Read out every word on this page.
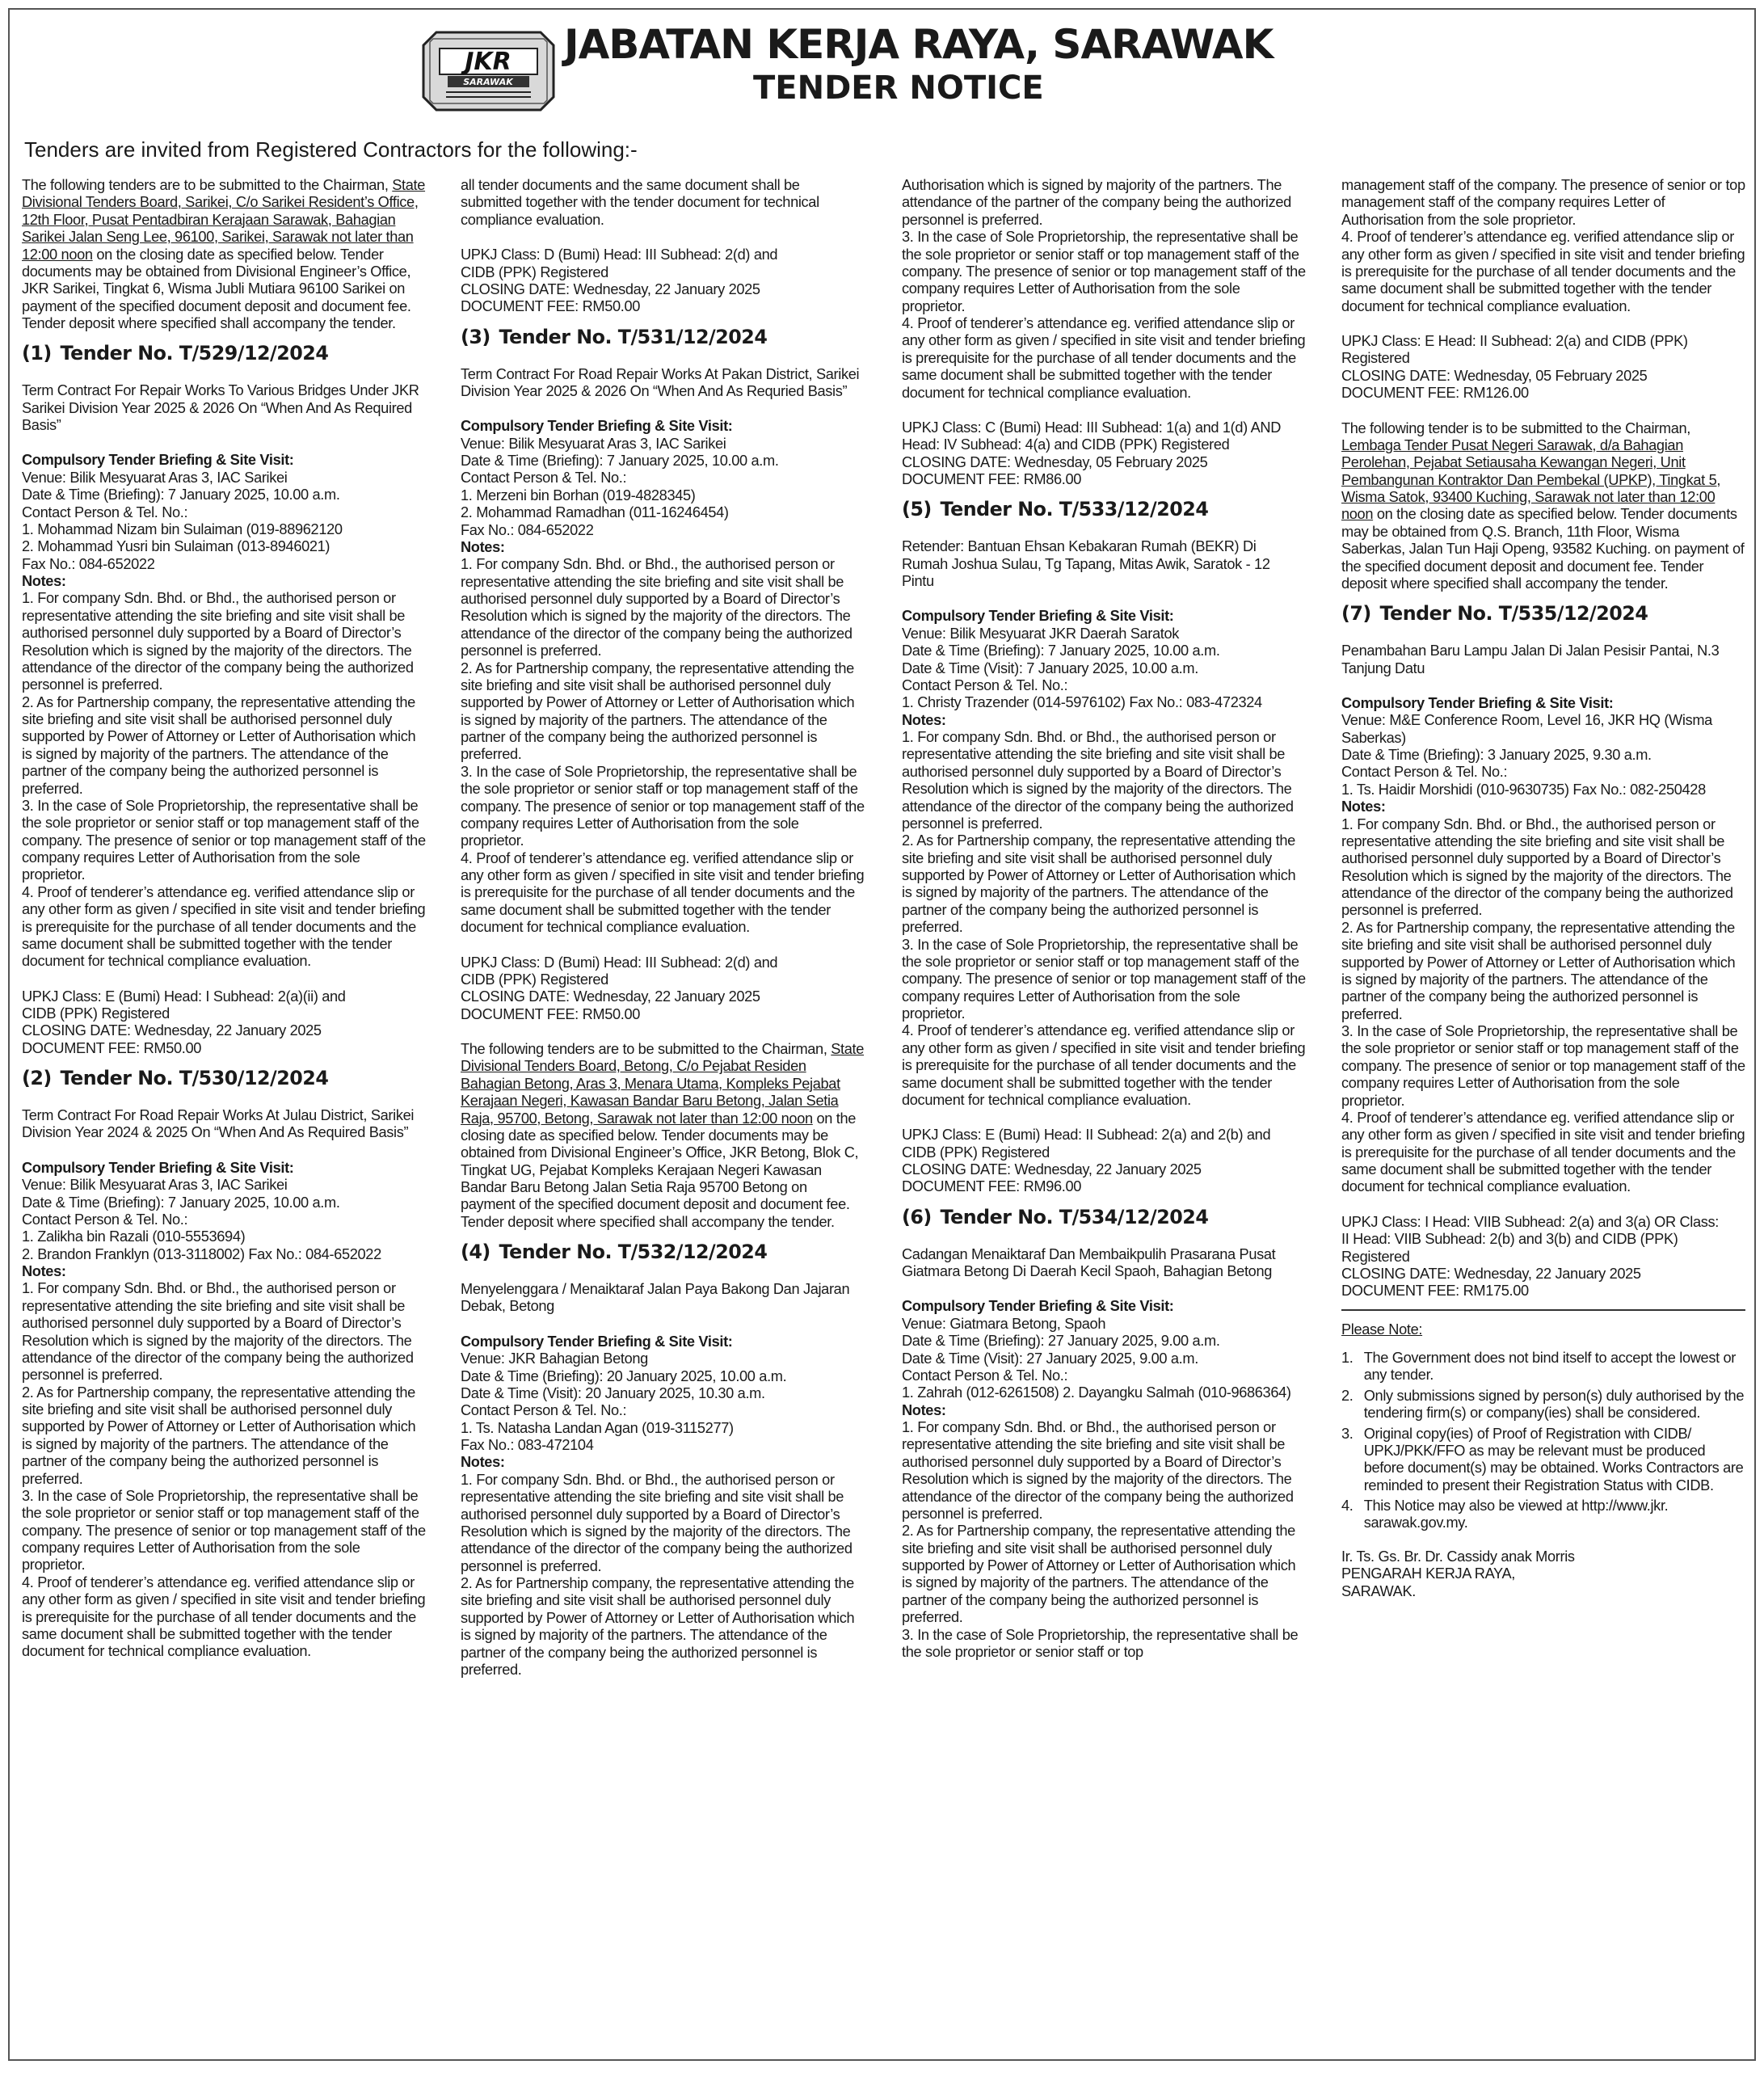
JKR
SARAWAK
JABATAN KERJA RAYA, SARAWAK
TENDER NOTICE
Tenders are invited from Registered Contractors for the following:-

The following tenders are to be submitted to the Chairman, State Divisional Tenders Board, Sarikei, C/o Sarikei Resident’s Office, 12th Floor, Pusat Pentadbiran Kerajaan Sarawak, Bahagian Sarikei Jalan Seng Lee, 96100, Sarikei, Sarawak not later than 12:00 noon on the closing date as specified below. Tender documents may be obtained from Divisional Engineer’s Office, JKR Sarikei, Tingkat 6, Wisma Jubli Mutiara 96100 Sarikei on payment of the specified document deposit and document fee. Tender deposit where specified shall accompany the tender.

(1) Tender No. T/529/12/2024

Term Contract For Repair Works To Various Bridges Under JKR Sarikei Division Year 2025 & 2026 On “When And As Required Basis”

Compulsory Tender Briefing & Site Visit:

Venue: Bilik Mesyuarat Aras 3, IAC Sarikei

Date & Time (Briefing): 7 January 2025, 10.00 a.m.

Contact Person & Tel. No.:

1. Mohammad Nizam bin Sulaiman (019-88962120

2. Mohammad Yusri bin Sulaiman (013-8946021)

Fax No.: 084-652022

Notes:

1. For company Sdn. Bhd. or Bhd., the authorised person or representative attending the site briefing and site visit shall be authorised personnel duly supported by a Board of Director’s Resolution which is signed by the majority of the directors. The attendance of the director of the company being the authorized personnel is preferred.

2. As for Partnership company, the representative attending the site briefing and site visit shall be authorised personnel duly supported by Power of Attorney or Letter of Authorisation which is signed by majority of the partners. The attendance of the partner of the company being the authorized personnel is preferred.

3. In the case of Sole Proprietorship, the representative shall be the sole proprietor or senior staff or top management staff of the company. The presence of senior or top management staff of the company requires Letter of Authorisation from the sole proprietor.

4. Proof of tenderer’s attendance eg. verified attendance slip or any other form as given / specified in site visit and tender briefing is prerequisite for the purchase of all tender documents and the same document shall be submitted together with the tender document for technical compliance evaluation.

UPKJ Class: E (Bumi) Head: I Subhead: 2(a)(ii) and

CIDB (PPK) Registered

CLOSING DATE: Wednesday, 22 January 2025

DOCUMENT FEE: RM50.00

(2) Tender No. T/530/12/2024

Term Contract For Road Repair Works At Julau District, Sarikei Division Year 2024 & 2025 On “When And As Required Basis”

Compulsory Tender Briefing & Site Visit:

Venue: Bilik Mesyuarat Aras 3, IAC Sarikei

Date & Time (Briefing): 7 January 2025, 10.00 a.m.

Contact Person & Tel. No.:

1. Zalikha bin Razali (010-5553694)

2. Brandon Franklyn (013-3118002) Fax No.: 084-652022

Notes:

1. For company Sdn. Bhd. or Bhd., the authorised person or representative attending the site briefing and site visit shall be authorised personnel duly supported by a Board of Director’s Resolution which is signed by the majority of the directors. The attendance of the director of the company being the authorized personnel is preferred.

2. As for Partnership company, the representative attending the site briefing and site visit shall be authorised personnel duly supported by Power of Attorney or Letter of Authorisation which is signed by majority of the partners. The attendance of the partner of the company being the authorized personnel is preferred.

3. In the case of Sole Proprietorship, the representative shall be the sole proprietor or senior staff or top management staff of the company. The presence of senior or top management staff of the company requires Letter of Authorisation from the sole proprietor.

4. Proof of tenderer’s attendance eg. verified attendance slip or any other form as given / specified in site visit and tender briefing is prerequisite for the purchase of all tender documents and the same document shall be submitted together with the tender document for technical compliance evaluation.

all tender documents and the same document shall be submitted together with the tender document for technical compliance evaluation.

UPKJ Class: D (Bumi) Head: III Subhead: 2(d) and

CIDB (PPK) Registered

CLOSING DATE: Wednesday, 22 January 2025

DOCUMENT FEE: RM50.00

(3) Tender No. T/531/12/2024

Term Contract For Road Repair Works At Pakan District, Sarikei Division Year 2025 & 2026 On “When And As Requried Basis”

Compulsory Tender Briefing & Site Visit:

Venue: Bilik Mesyuarat Aras 3, IAC Sarikei

Date & Time (Briefing): 7 January 2025, 10.00 a.m.

Contact Person & Tel. No.:

1. Merzeni bin Borhan (019-4828345)

2. Mohammad Ramadhan (011-16246454)

Fax No.: 084-652022

Notes:

1. For company Sdn. Bhd. or Bhd., the authorised person or representative attending the site briefing and site visit shall be authorised personnel duly supported by a Board of Director’s Resolution which is signed by the majority of the directors. The attendance of the director of the company being the authorized personnel is preferred.

2. As for Partnership company, the representative attending the site briefing and site visit shall be authorised personnel duly supported by Power of Attorney or Letter of Authorisation which is signed by majority of the partners. The attendance of the partner of the company being the authorized personnel is preferred.

3. In the case of Sole Proprietorship, the representative shall be the sole proprietor or senior staff or top management staff of the company. The presence of senior or top management staff of the company requires Letter of Authorisation from the sole proprietor.

4. Proof of tenderer’s attendance eg. verified attendance slip or any other form as given / specified in site visit and tender briefing is prerequisite for the purchase of all tender documents and the same document shall be submitted together with the tender document for technical compliance evaluation.

UPKJ Class: D (Bumi) Head: III Subhead: 2(d) and

CIDB (PPK) Registered

CLOSING DATE: Wednesday, 22 January 2025

DOCUMENT FEE: RM50.00

The following tenders are to be submitted to the Chairman, State Divisional Tenders Board, Betong, C/o Pejabat Residen Bahagian Betong, Aras 3, Menara Utama, Kompleks Pejabat Kerajaan Negeri, Kawasan Bandar Baru Betong, Jalan Setia Raja, 95700, Betong, Sarawak not later than 12:00 noon on the closing date as specified below. Tender documents may be obtained from Divisional Engineer’s Office, JKR Betong, Blok C, Tingkat UG, Pejabat Kompleks Kerajaan Negeri Kawasan Bandar Baru Betong Jalan Setia Raja 95700 Betong on payment of the specified document deposit and document fee. Tender deposit where specified shall accompany the tender.

(4) Tender No. T/532/12/2024

Menyelenggara / Menaiktaraf Jalan Paya Bakong Dan Jajaran Debak, Betong

Compulsory Tender Briefing & Site Visit:

Venue: JKR Bahagian Betong

Date & Time (Briefing): 20 January 2025, 10.00 a.m.

Date & Time (Visit): 20 January 2025, 10.30 a.m.

Contact Person & Tel. No.:

1. Ts. Natasha Landan Agan (019-3115277)

Fax No.: 083-472104

Notes:

1. For company Sdn. Bhd. or Bhd., the authorised person or representative attending the site briefing and site visit shall be authorised personnel duly supported by a Board of Director’s Resolution which is signed by the majority of the directors. The attendance of the director of the company being the authorized personnel is preferred.

2. As for Partnership company, the representative attending the site briefing and site visit shall be authorised personnel duly supported by Power of Attorney or Letter of Authorisation which is signed by majority of the partners. The attendance of the partner of the company being the authorized personnel is preferred.

Authorisation which is signed by majority of the partners. The attendance of the partner of the company being the authorized personnel is preferred.

3. In the case of Sole Proprietorship, the representative shall be the sole proprietor or senior staff or top management staff of the company. The presence of senior or top management staff of the company requires Letter of Authorisation from the sole proprietor.

4. Proof of tenderer’s attendance eg. verified attendance slip or any other form as given / specified in site visit and tender briefing is prerequisite for the purchase of all tender documents and the same document shall be submitted together with the tender document for technical compliance evaluation.

UPKJ Class: C (Bumi) Head: III Subhead: 1(a) and 1(d) AND

Head: IV Subhead: 4(a) and CIDB (PPK) Registered

CLOSING DATE: Wednesday, 05 February 2025

DOCUMENT FEE: RM86.00

(5) Tender No. T/533/12/2024

Retender: Bantuan Ehsan Kebakaran Rumah (BEKR) Di Rumah Joshua Sulau, Tg Tapang, Mitas Awik, Saratok - 12 Pintu

Compulsory Tender Briefing & Site Visit:

Venue: Bilik Mesyuarat JKR Daerah Saratok

Date & Time (Briefing): 7 January 2025, 10.00 a.m.

Date & Time (Visit): 7 January 2025, 10.00 a.m.

Contact Person & Tel. No.:

1. Christy Trazender (014-5976102) Fax No.: 083-472324

Notes:

1. For company Sdn. Bhd. or Bhd., the authorised person or representative attending the site briefing and site visit shall be authorised personnel duly supported by a Board of Director’s Resolution which is signed by the majority of the directors. The attendance of the director of the company being the authorized personnel is preferred.

2. As for Partnership company, the representative attending the site briefing and site visit shall be authorised personnel duly supported by Power of Attorney or Letter of Authorisation which is signed by majority of the partners. The attendance of the partner of the company being the authorized personnel is preferred.

3. In the case of Sole Proprietorship, the representative shall be the sole proprietor or senior staff or top management staff of the company. The presence of senior or top management staff of the company requires Letter of Authorisation from the sole proprietor.

4. Proof of tenderer’s attendance eg. verified attendance slip or any other form as given / specified in site visit and tender briefing is prerequisite for the purchase of all tender documents and the same document shall be submitted together with the tender document for technical compliance evaluation.

UPKJ Class: E (Bumi) Head: II Subhead: 2(a) and 2(b) and

CIDB (PPK) Registered

CLOSING DATE: Wednesday, 22 January 2025

DOCUMENT FEE: RM96.00

(6) Tender No. T/534/12/2024

Cadangan Menaiktaraf Dan Membaikpulih Prasarana Pusat Giatmara Betong Di Daerah Kecil Spaoh, Bahagian Betong

Compulsory Tender Briefing & Site Visit:

Venue: Giatmara Betong, Spaoh

Date & Time (Briefing): 27 January 2025, 9.00 a.m.

Date & Time (Visit): 27 January 2025, 9.00 a.m.

Contact Person & Tel. No.:

1. Zahrah (012-6261508) 2. Dayangku Salmah (010-9686364)

Notes:

1. For company Sdn. Bhd. or Bhd., the authorised person or representative attending the site briefing and site visit shall be authorised personnel duly supported by a Board of Director’s Resolution which is signed by the majority of the directors. The attendance of the director of the company being the authorized personnel is preferred.

2. As for Partnership company, the representative attending the site briefing and site visit shall be authorised personnel duly supported by Power of Attorney or Letter of Authorisation which is signed by majority of the partners. The attendance of the partner of the company being the authorized personnel is preferred.

3. In the case of Sole Proprietorship, the representative shall be the sole proprietor or senior staff or top

management staff of the company. The presence of senior or top management staff of the company requires Letter of Authorisation from the sole proprietor.

4. Proof of tenderer’s attendance eg. verified attendance slip or any other form as given / specified in site visit and tender briefing is prerequisite for the purchase of all tender documents and the same document shall be submitted together with the tender document for technical compliance evaluation.

UPKJ Class: E Head: II Subhead: 2(a) and CIDB (PPK)

Registered

CLOSING DATE: Wednesday, 05 February 2025

DOCUMENT FEE: RM126.00

The following tender is to be submitted to the Chairman, Lembaga Tender Pusat Negeri Sarawak, d/a Bahagian Perolehan, Pejabat Setiausaha Kewangan Negeri, Unit Pembangunan Kontraktor Dan Pembekal (UPKP), Tingkat 5, Wisma Satok, 93400 Kuching, Sarawak not later than 12:00 noon on the closing date as specified below. Tender documents may be obtained from Q.S. Branch, 11th Floor, Wisma Saberkas, Jalan Tun Haji Openg, 93582 Kuching. on payment of the specified document deposit and document fee. Tender deposit where specified shall accompany the tender.

(7) Tender No. T/535/12/2024

Penambahan Baru Lampu Jalan Di Jalan Pesisir Pantai, N.3 Tanjung Datu

Compulsory Tender Briefing & Site Visit:

Venue: M&E Conference Room, Level 16, JKR HQ (Wisma Saberkas)

Date & Time (Briefing): 3 January 2025, 9.30 a.m.

Contact Person & Tel. No.:

1. Ts. Haidir Morshidi (010-9630735) Fax No.: 082-250428

Notes:

1. For company Sdn. Bhd. or Bhd., the authorised person or representative attending the site briefing and site visit shall be authorised personnel duly supported by a Board of Director’s Resolution which is signed by the majority of the directors. The attendance of the director of the company being the authorized personnel is preferred.

2. As for Partnership company, the representative attending the site briefing and site visit shall be authorised personnel duly supported by Power of Attorney or Letter of Authorisation which is signed by majority of the partners. The attendance of the partner of the company being the authorized personnel is preferred.

3. In the case of Sole Proprietorship, the representative shall be the sole proprietor or senior staff or top management staff of the company. The presence of senior or top management staff of the company requires Letter of Authorisation from the sole proprietor.

4. Proof of tenderer’s attendance eg. verified attendance slip or any other form as given / specified in site visit and tender briefing is prerequisite for the purchase of all tender documents and the same document shall be submitted together with the tender document for technical compliance evaluation.

UPKJ Class: I Head: VIIB Subhead: 2(a) and 3(a) OR Class:

II Head: VIIB Subhead: 2(b) and 3(b) and CIDB (PPK)

Registered

CLOSING DATE: Wednesday, 22 January 2025

DOCUMENT FEE: RM175.00

Please Note:

1. The Government does not bind itself to accept the lowest or any tender.
2. Only submissions signed by person(s) duly authorised by the tendering firm(s) or company(ies) shall be considered.
3. Original copy(ies) of Proof of Registration with CIDB/ UPKJ/PKK/FFO as may be relevant must be produced before document(s) may be obtained. Works Contractors are reminded to present their Registration Status with CIDB.
4. This Notice may also be viewed at http://www.jkr. sarawak.gov.my.

Ir. Ts. Gs. Br. Dr. Cassidy anak Morris

PENGARAH KERJA RAYA,

SARAWAK.
